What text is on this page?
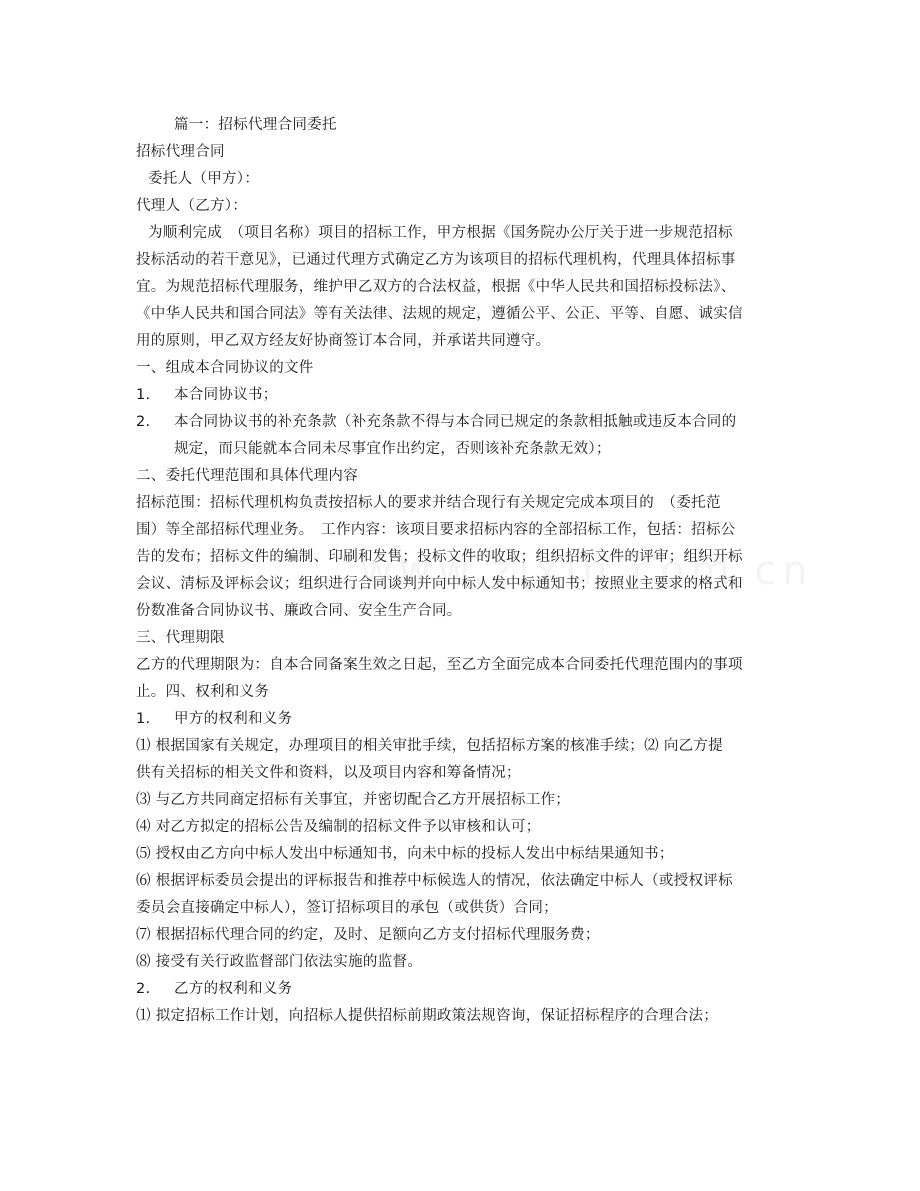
篇一：招标代理合同委托
招标代理合同
委托人（甲方）：
代理人（乙方）：
为顺利完成　（项目名称）项目的招标工作，甲方根据《国务院办公厅关于进一步规范招标
投标活动的若干意见》，已通过代理方式确定乙方为该项目的招标代理机构，代理具体招标事
宜。为规范招标代理服务，维护甲乙双方的合法权益，根据《中华人民共和国招标投标法》、
《中华人民共和国合同法》等有关法律、法规的规定，遵循公平、公正、平等、自愿、诚实信
用的原则，甲乙双方经友好协商签订本合同，并承诺共同遵守。
一、组成本合同协议的文件
1. 本合同协议书；
2. 本合同协议书的补充条款（补充条款不得与本合同已规定的条款相抵触或违反本合同的
规定，而只能就本合同未尽事宜作出约定，否则该补充条款无效）；
二、委托代理范围和具体代理内容
招标范围：招标代理机构负责按招标人的要求并结合现行有关规定完成本项目的　（委托范
围）等全部招标代理业务。　工作内容：该项目要求招标内容的全部招标工作，包括：招标公
告的发布；招标文件的编制、印刷和发售；投标文件的收取；组织招标文件的评审；组织开标
会议、清标及评标会议；组织进行合同谈判并向中标人发中标通知书；按照业主要求的格式和
份数准备合同协议书、廉政合同、安全生产合同。
三、代理期限
乙方的代理期限为：自本合同备案生效之日起，至乙方全面完成本合同委托代理范围内的事项
止。四、权利和义务
1. 甲方的权利和义务
⑴ 根据国家有关规定，办理项目的相关审批手续，包括招标方案的核准手续；⑵ 向乙方提
供有关招标的相关文件和资料，以及项目内容和筹备情况；
⑶ 与乙方共同商定招标有关事宜，并密切配合乙方开展招标工作；
⑷ 对乙方拟定的招标公告及编制的招标文件予以审核和认可；
⑸ 授权由乙方向中标人发出中标通知书，向未中标的投标人发出中标结果通知书；
⑹ 根据评标委员会提出的评标报告和推荐中标候选人的情况，依法确定中标人（或授权评标
委员会直接确定中标人），签订招标项目的承包（或供货）合同；
⑺ 根据招标代理合同的约定，及时、足额向乙方支付招标代理服务费；
⑻ 接受有关行政监督部门依法实施的监督。
2. 乙方的权利和义务
⑴ 拟定招标工作计划，向招标人提供招标前期政策法规咨询，保证招标程序的合理合法；
